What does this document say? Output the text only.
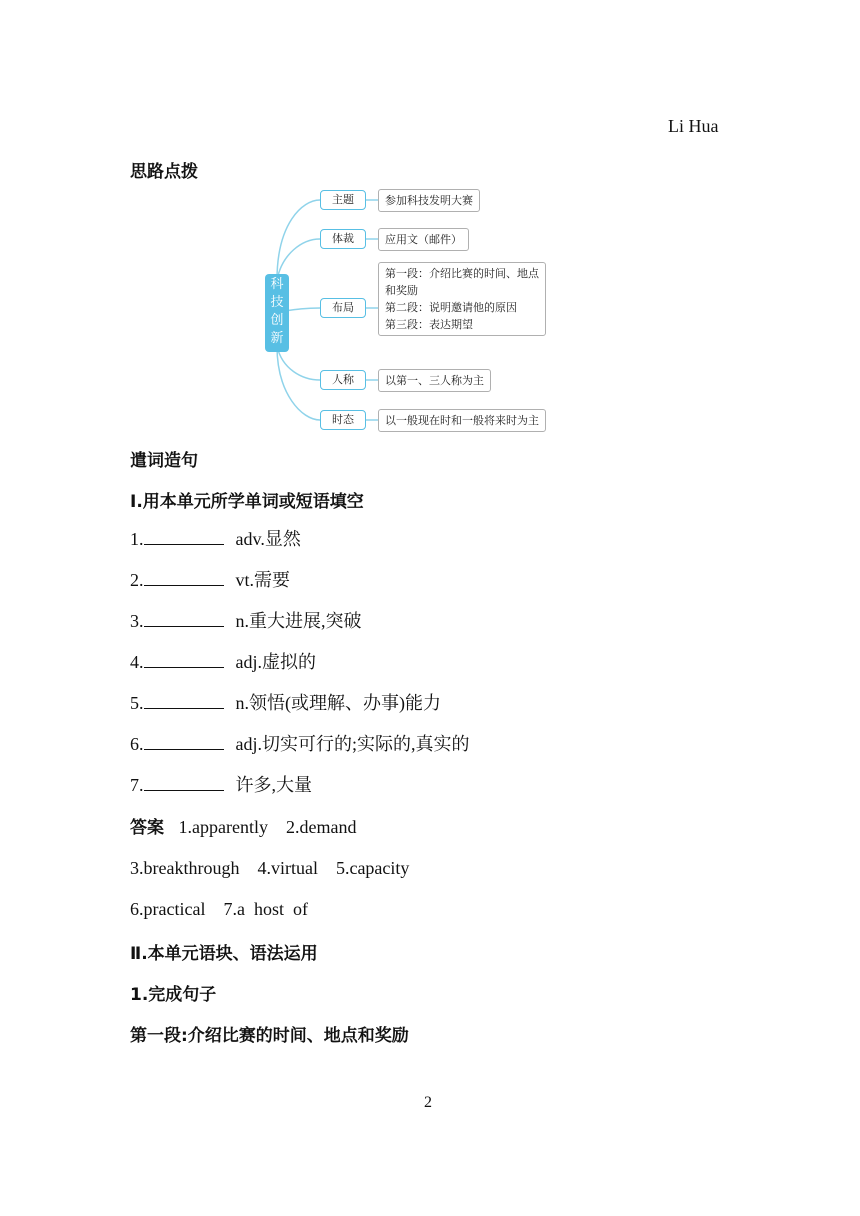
Li Hua
思路点拨
科技创新
主题	参加科技发明大赛
体裁	应用文（邮件）
布局
第一段：介绍比赛的时间、地点
和奖励
第二段：说明邀请他的原因
第三段：表达期望
人称	以第一、三人称为主
时态	以一般现在时和一般将来时为主
遣词造句
Ⅰ.用本单元所学单词或短语填空
1.	adv.显然
2.	vt.需要
3.	n.重大进展,突破
4.	adj.虚拟的
5.	n.领悟(或理解、办事)能力
6.	adj.切实可行的;实际的,真实的
7.	许多,大量
答案 1.apparently    2.demand
3.breakthrough    4.virtual    5.capacity
6.practical    7.a  host  of
Ⅱ.本单元语块、语法运用
1.完成句子
第一段:介绍比赛的时间、地点和奖励
2
